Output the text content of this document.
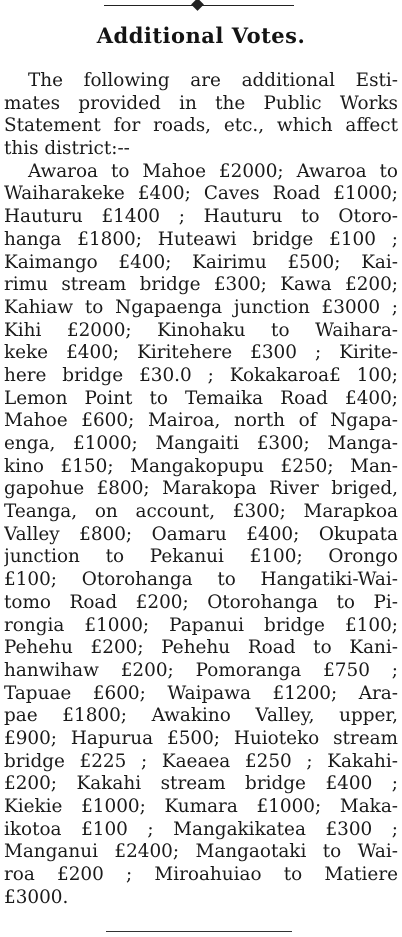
Additional Votes.
The following are additional Esti-
mates provided in the Public Works
Statement for roads, etc., which affect
this district:--
Awaroa to Mahoe £2000; Awaroa to
Waiharakeke £400; Caves Road £1000;
Hauturu £1400 ; Hauturu to Otoro-
hanga £1800; Huteawi bridge £100 ;
Kaimango £400; Kairimu £500; Kai-
rimu stream bridge £300; Kawa £200;
Kahiaw to Ngapaenga junction £3000 ;
Kihi £2000; Kinohaku to Waihara-
keke £400; Kiritehere £300 ; Kirite-
here bridge £30.0 ; Kokakaroa£ 100;
Lemon Point to Temaika Road £400;
Mahoe £600; Mairoa, north of Ngapa-
enga, £1000; Mangaiti £300; Manga-
kino £150; Mangakopupu £250; Man-
gapohue £800; Marakopa River briged,
Teanga, on account, £300; Marapkoa
Valley £800; Oamaru £400; Okupata
junction to Pekanui £100; Orongo
£100; Otorohanga to Hangatiki-Wai-
tomo Road £200; Otorohanga to Pi-
rongia £1000; Papanui bridge £100;
Pehehu £200; Pehehu Road to Kani-
hanwihaw £200; Pomoranga £750 ;
Tapuae £600; Waipawa £1200; Ara-
pae £1800; Awakino Valley, upper,
£900; Hapurua £500; Huioteko stream
bridge £225 ; Kaeaea £250 ; Kakahi-
£200; Kakahi stream bridge £400 ;
Kiekie £1000; Kumara £1000; Maka-
ikotoa £100 ; Mangakikatea £300 ;
Manganui £2400; Mangaotaki to Wai-
roa £200 ; Miroahuiao to Matiere
£3000.
